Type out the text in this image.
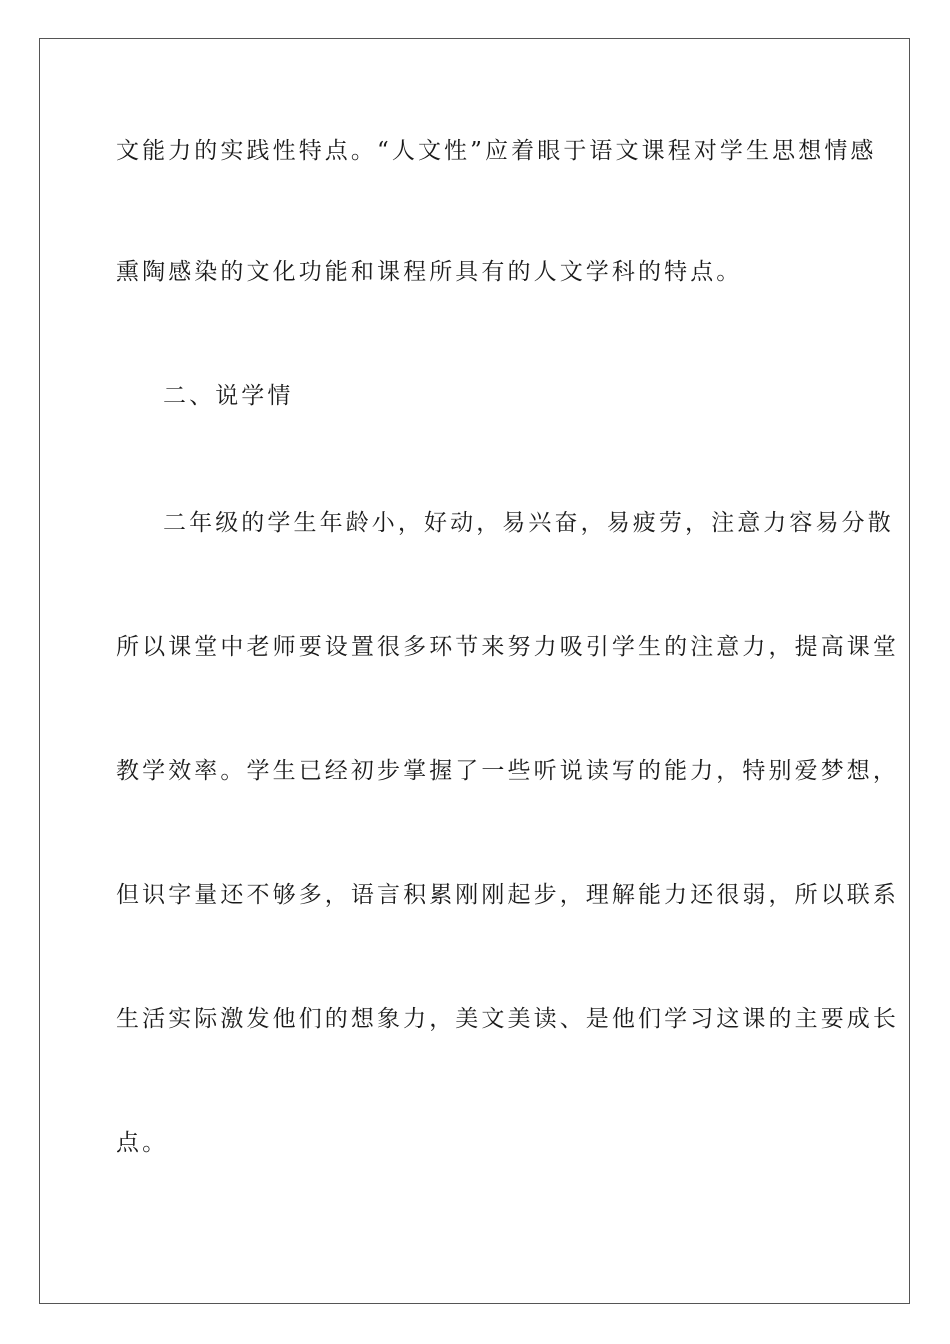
文能力的实践性特点。“人文性”应着眼于语文课程对学生思想情感
熏陶感染的文化功能和课程所具有的人文学科的特点。
二、说学情
二年级的学生年龄小，好动，易兴奋，易疲劳，注意力容易分散
所以课堂中老师要设置很多环节来努力吸引学生的注意力，提高课堂
教学效率。学生已经初步掌握了一些听说读写的能力，特别爱梦想，
但识字量还不够多，语言积累刚刚起步，理解能力还很弱，所以联系
生活实际激发他们的想象力，美文美读、是他们学习这课的主要成长
点。
